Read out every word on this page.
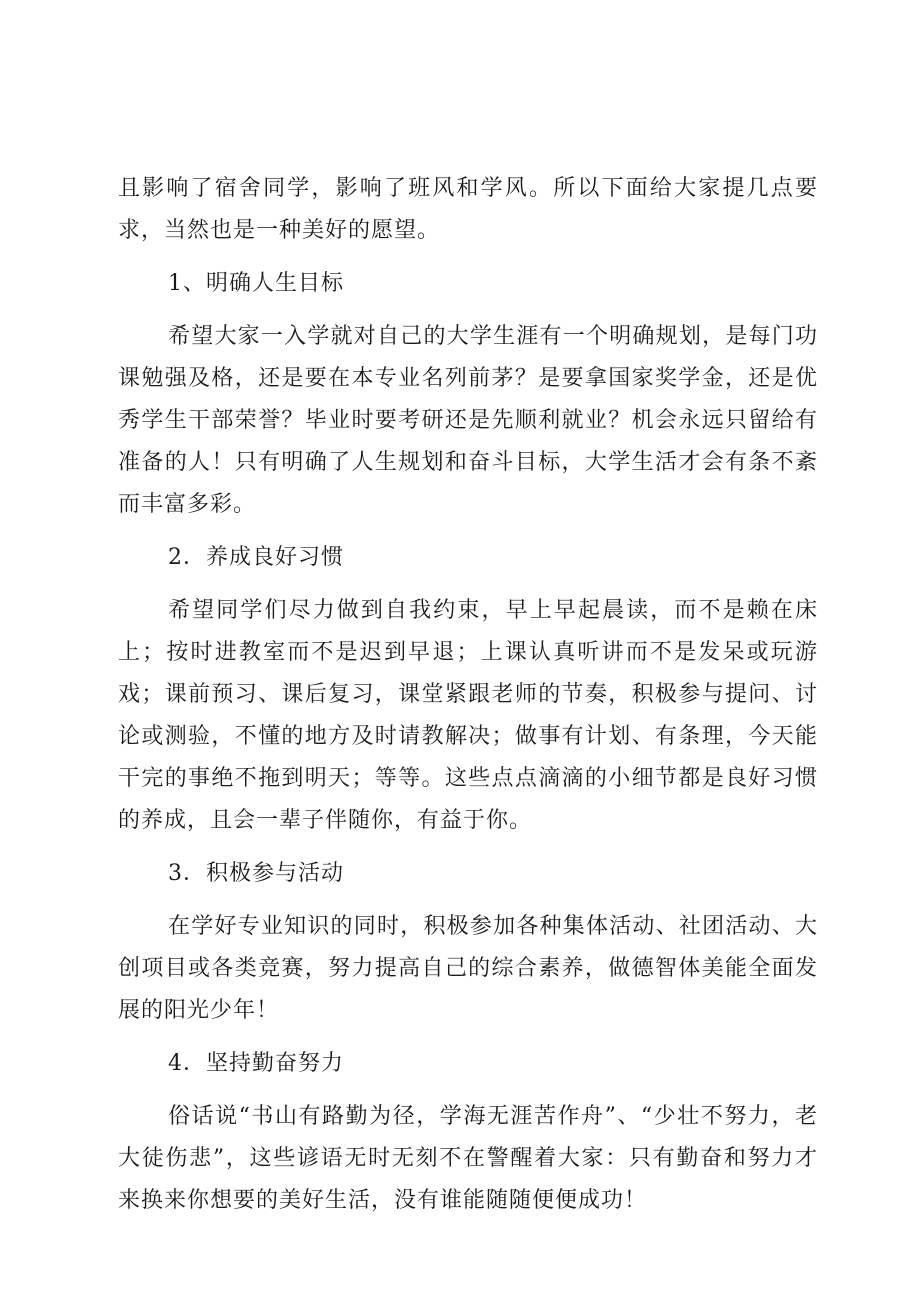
且影响了宿舍同学，影响了班风和学风。所以下面给大家提几点要求，当然也是一种美好的愿望。

1、明确人生目标

希望大家一入学就对自己的大学生涯有一个明确规划，是每门功课勉强及格，还是要在本专业名列前茅？是要拿国家奖学金，还是优秀学生干部荣誉？毕业时要考研还是先顺利就业？机会永远只留给有准备的人！只有明确了人生规划和奋斗目标，大学生活才会有条不紊而丰富多彩。

2．养成良好习惯

希望同学们尽力做到自我约束，早上早起晨读，而不是赖在床上；按时进教室而不是迟到早退；上课认真听讲而不是发呆或玩游戏；课前预习、课后复习，课堂紧跟老师的节奏，积极参与提问、讨论或测验，不懂的地方及时请教解决；做事有计划、有条理，今天能干完的事绝不拖到明天；等等。这些点点滴滴的小细节都是良好习惯的养成，且会一辈子伴随你，有益于你。

3．积极参与活动

在学好专业知识的同时，积极参加各种集体活动、社团活动、大创项目或各类竞赛，努力提高自己的综合素养，做德智体美能全面发展的阳光少年！

4．坚持勤奋努力

俗话说“书山有路勤为径，学海无涯苦作舟”、“少壮不努力，老大徒伤悲”，这些谚语无时无刻不在警醒着大家：只有勤奋和努力才来换来你想要的美好生活，没有谁能随随便便成功！
